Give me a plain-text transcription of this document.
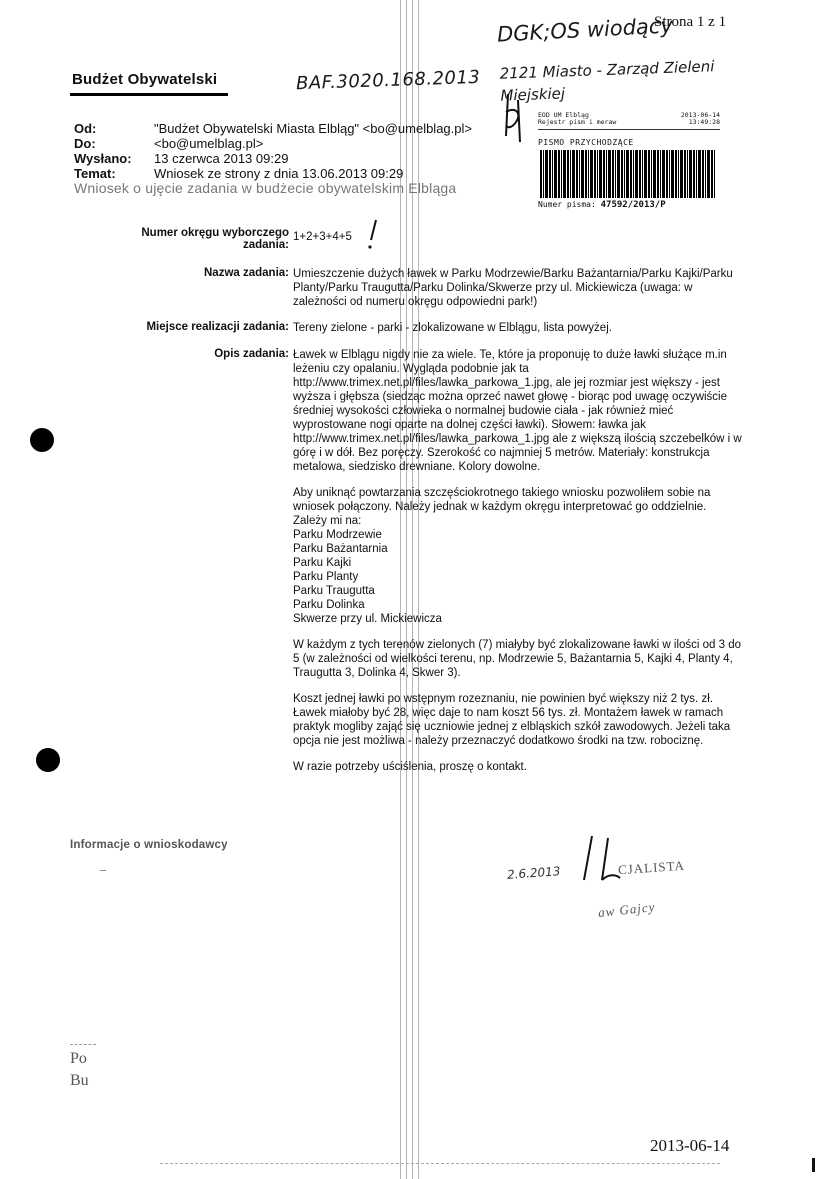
Strona 1 z 1
DGK;OS wiodący
2121 Miasto - Zarząd Zieleni Miejskiej
BAF.3020.168.2013
Budżet Obywatelski
Od:	"Budżet Obywatelski Miasta Elbląg" <bo@umelblag.pl>
Do:	<bo@umelblag.pl>
Wysłano: 13 czerwca 2013 09:29
Temat:	Wniosek ze strony z dnia 13.06.2013 09:29
EOD UM Elbląg
Rejestr pism i meraw
2013-06-14
13:49:28
PISMO PRZYCHODZĄCE
Numer pisma: 47592/2013/P
Wniosek o ujęcie zadania w budżecie obywatelskim Elbląga
Numer okręgu wyborczego
zadania:
1+2+3+4+5
Nazwa zadania: Umieszczenie dużych ławek w Parku Modrzewie/Barku Bażantarnia/Parku Kajki/Parku Planty/Parku Traugutta/Parku Dolinka/Skwerze przy ul. Mickiewicza (uwaga: w zależności od numeru okręgu odpowiedni park!)
Miejsce realizacji zadania: Tereny zielone - parki - zlokalizowane w Elblągu, lista powyżej.
Opis zadania: Ławek w Elblągu nigdy nie za wiele. Te, które ja proponuję to duże ławki służące m.in leżeniu czy opalaniu. Wygląda podobnie jak ta http://www.trimex.net.pl/files/lawka_parkowa_1.jpg, ale jej rozmiar jest większy - jest wyższa i głębsza (siedząc można oprzeć nawet głowę - biorąc pod uwagę oczywiście średniej wysokości człowieka o normalnej budowie ciała - jak również mieć wyprostowane nogi oparte na dolnej części ławki). Słowem: ławka jak http://www.trimex.net.pl/files/lawka_parkowa_1.jpg ale z większą ilością szczebelków i w górę i w dół. Bez poręczy. Szerokość co najmniej 5 metrów. Materiały: konstrukcja metalowa, siedzisko drewniane. Kolory dowolne.

Aby uniknąć powtarzania szczęściokrotnego takiego wniosku pozwoliłem sobie na wniosek połączony. Należy jednak w każdym okręgu interpretować go oddzielnie.
Zależy mi na:
Parku Modrzewie
Parku Bażantarnia
Parku Kajki
Parku Planty
Parku Traugutta
Parku Dolinka
Skwerze przy ul. Mickiewicza

W każdym z tych terenów zielonych (7) miałyby być zlokalizowane ławki w ilości od 3 do 5 (w zależności od wielkości terenu, np. Modrzewie 5, Bażantarnia 5, Kajki 4, Planty 4, Traugutta 3, Dolinka 4, Skwer 3).

Koszt jednej ławki po wstępnym rozeznaniu, nie powinien być większy niż 2 tys. zł. Ławek miałoby być 28, więc daje to nam koszt 56 tys. zł. Montażem ławek w ramach praktyk mogliby zająć się uczniowie jednej z elbląskich szkół zawodowych. Jeżeli taka opcja nie jest możliwa - należy przeznaczyć dodatkowo środki na tzw. robociznę.

W razie potrzeby uściślenia, proszę o kontakt.

Informacje o wnioskodawcy
2.6.2013	CJALISTA
aw Gajcy
Po
Bu
2013-06-14
